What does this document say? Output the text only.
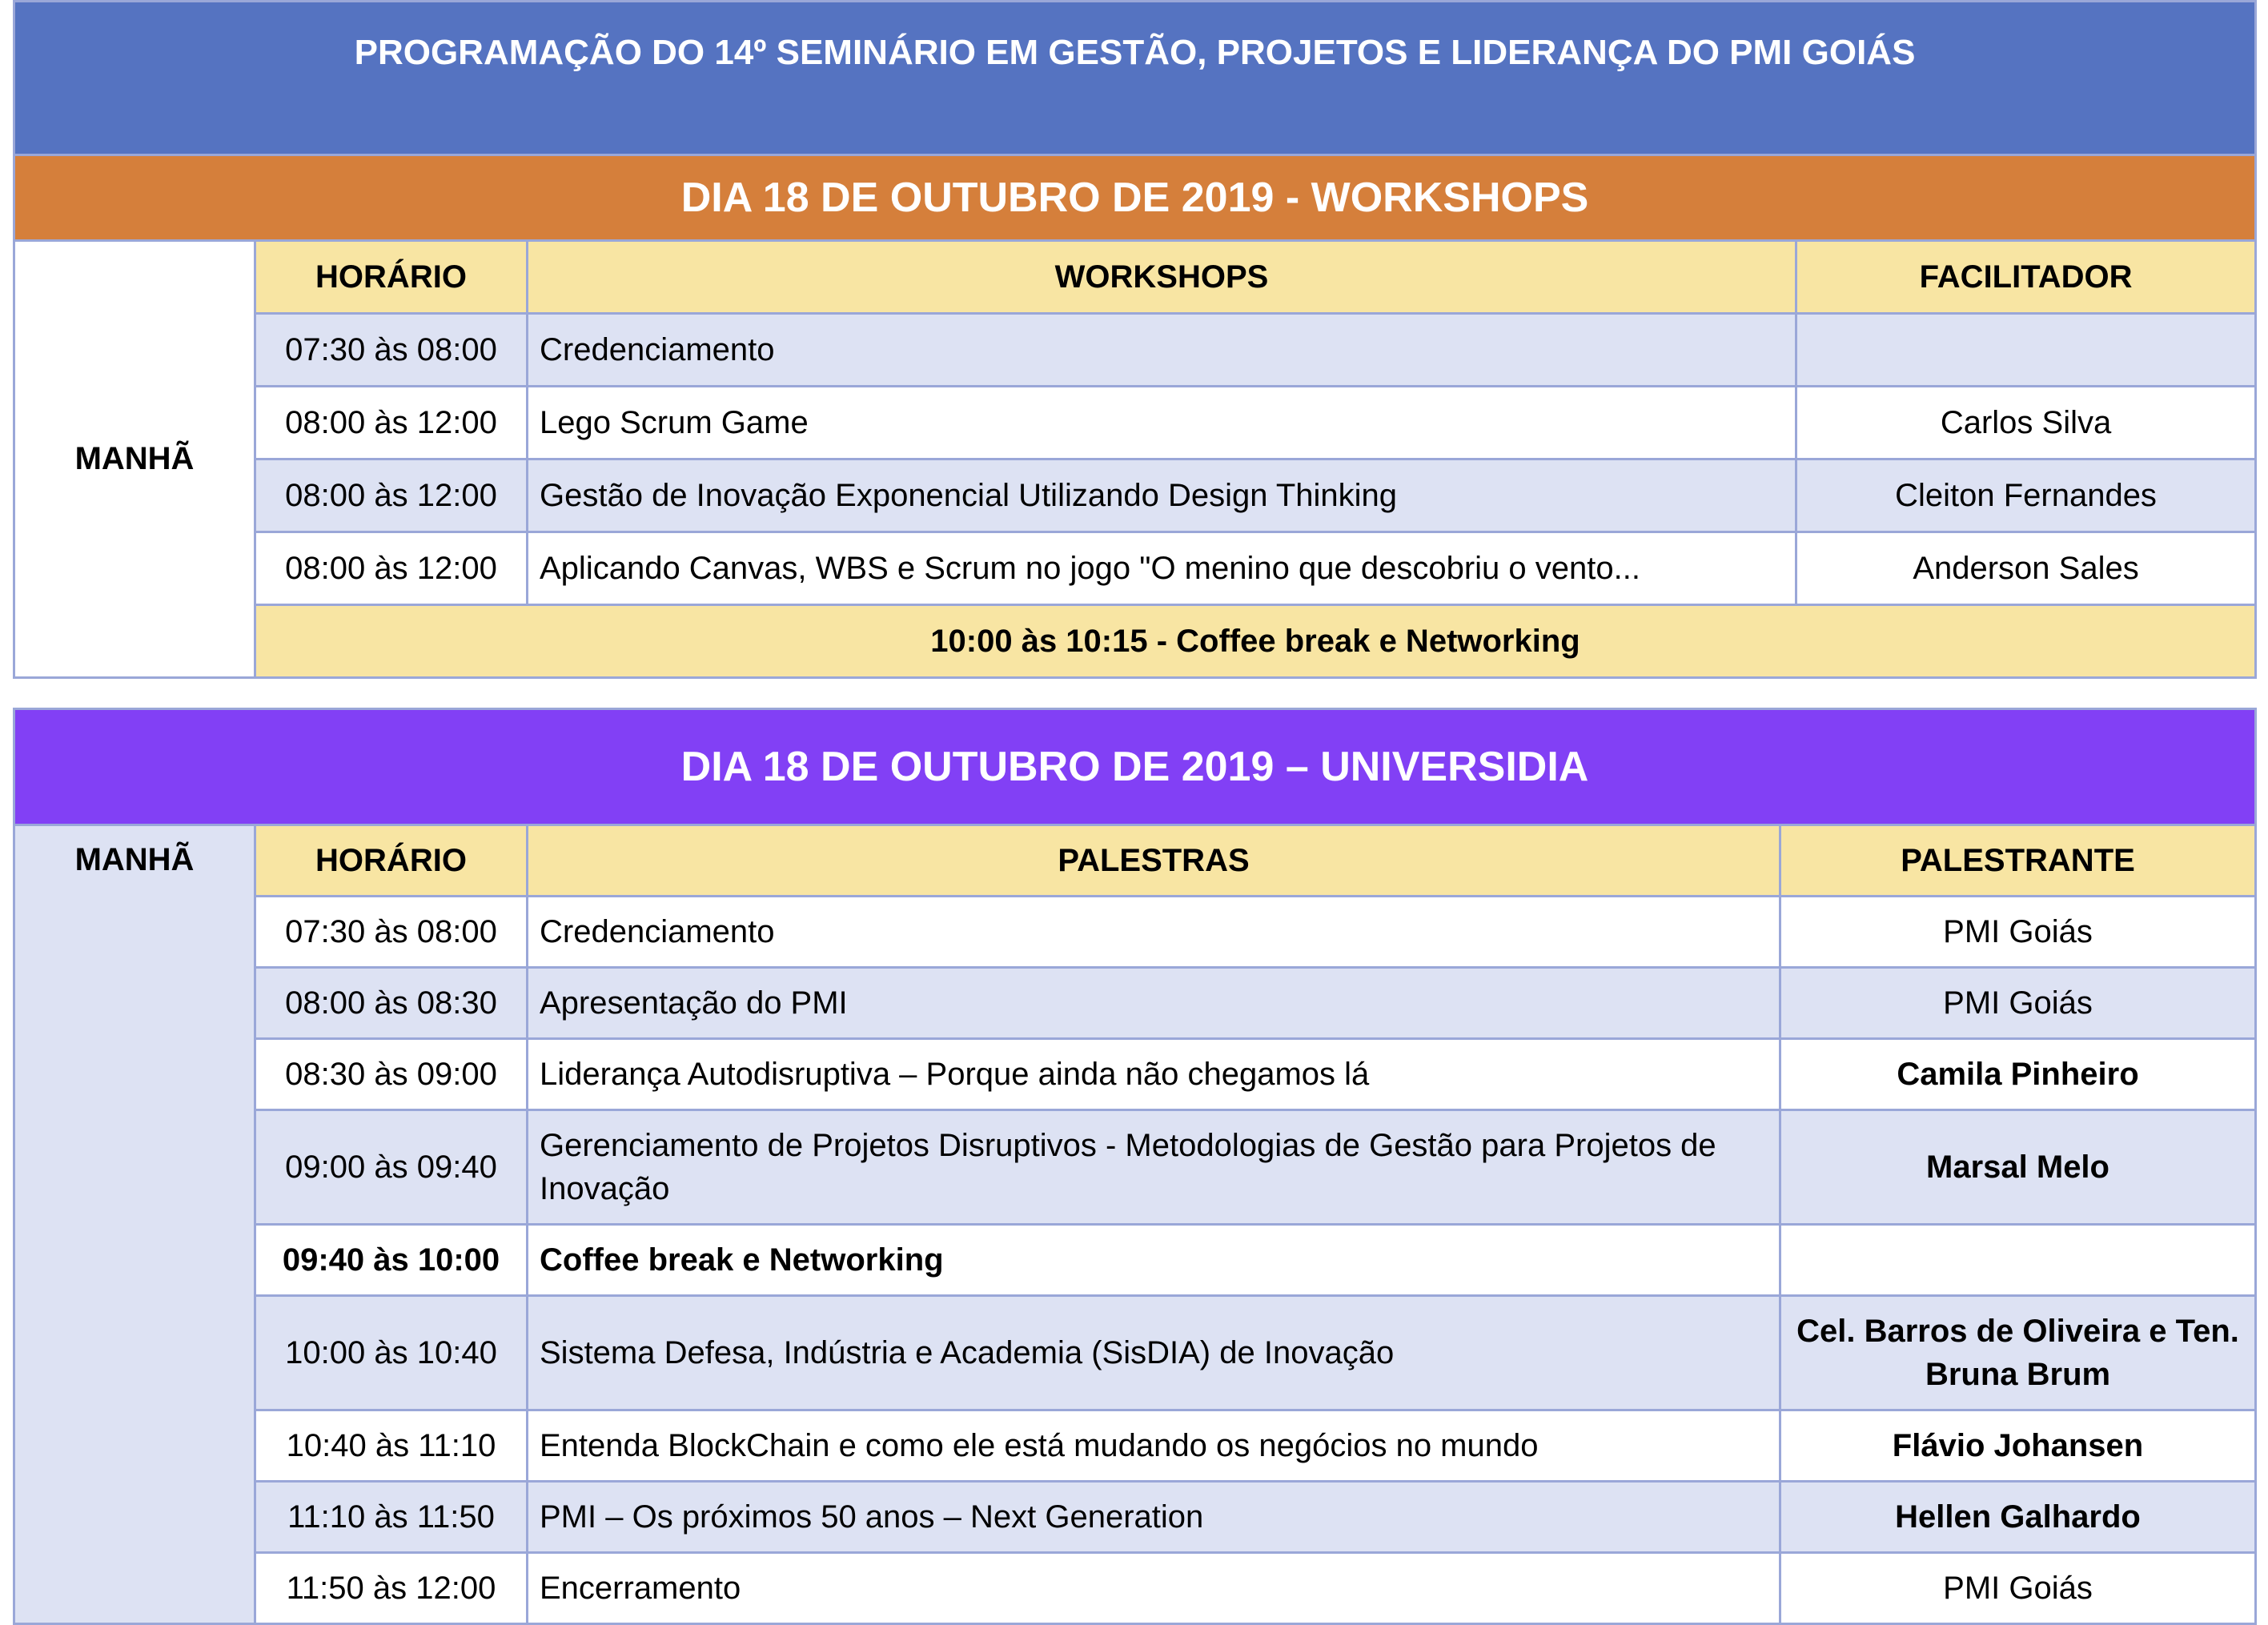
PROGRAMAÇÃO DO 14º SEMINÁRIO EM GESTÃO, PROJETOS E LIDERANÇA DO PMI GOIÁS			
DIA 18 DE OUTUBRO DE 2019 - WORKSHOPS			
MANHÃ	HORÁRIO	WORKSHOPS	FACILITADOR
	07:30 às 08:00	Credenciamento	
	08:00 às 12:00	Lego Scrum Game	Carlos Silva
	08:00 às 12:00	Gestão de Inovação Exponencial Utilizando Design Thinking	Cleiton Fernandes
	08:00 às 12:00	Aplicando Canvas, WBS e Scrum no jogo "O menino que descobriu o vento...	Anderson Sales
	10:00 às 10:15 - Coffee break e Networking		
DIA 18 DE OUTUBRO DE 2019 – UNIVERSIDIA			
MANHÃ	HORÁRIO	PALESTRAS	PALESTRANTE
	07:30 às 08:00	Credenciamento	PMI Goiás
	08:00 às 08:30	Apresentação do PMI	PMI Goiás
	08:30 às 09:00	Liderança Autodisruptiva – Porque ainda não chegamos lá	Camila Pinheiro
	09:00 às 09:40	Gerenciamento de Projetos Disruptivos - Metodologias de Gestão para Projetos de Inovação	Marsal Melo
	09:40 às 10:00	Coffee break e Networking	
	10:00 às 10:40	Sistema Defesa, Indústria e Academia (SisDIA) de Inovação	Cel. Barros de Oliveira e Ten. Bruna Brum
	10:40 às 11:10	Entenda BlockChain e como ele está mudando os negócios no mundo	Flávio Johansen
	11:10 às 11:50	PMI – Os próximos 50 anos – Next Generation	Hellen Galhardo
	11:50 às 12:00	Encerramento	PMI Goiás
